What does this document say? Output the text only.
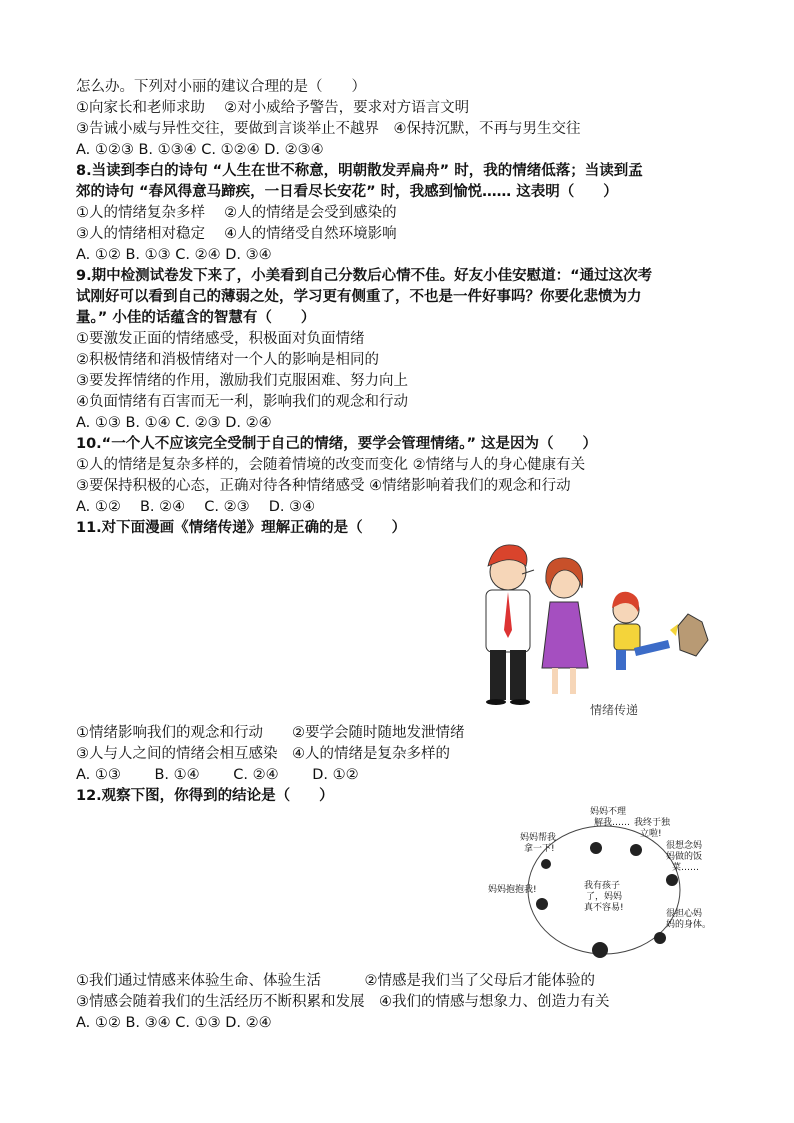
怎么办。下列对小丽的建议合理的是（　　）
①向家长和老师求助　 ②对小威给予警告，要求对方语言文明
③告诫小威与异性交往，要做到言谈举止不越界　④保持沉默，不再与男生交往
A. ①②③ B. ①③④ C. ①②④ D. ②③④
8.当读到李白的诗句 “人生在世不称意，明朝散发弄扁舟” 时，我的情绪低落；当读到孟
郊的诗句 “春风得意马蹄疾，一日看尽长安花” 时，我感到愉悦…… 这表明（　　）
①人的情绪复杂多样　 ②人的情绪是会受到感染的
③人的情绪相对稳定　 ④人的情绪受自然环境影响
A. ①② B. ①③ C. ②④ D. ③④
9.期中检测试卷发下来了，小美看到自己分数后心情不佳。好友小佳安慰道：“通过这次考
试刚好可以看到自己的薄弱之处，学习更有侧重了，不也是一件好事吗？你要化悲愤为力
量。” 小佳的话蕴含的智慧有（　　）
①要激发正面的情绪感受，积极面对负面情绪
②积极情绪和消极情绪对一个人的影响是相同的
③要发挥情绪的作用，激励我们克服困难、努力向上
④负面情绪有百害而无一利，影响我们的观念和行动
A. ①③ B. ①④ C. ②③ D. ②④
10.“一个人不应该完全受制于自己的情绪，要学会管理情绪。” 这是因为（　　）
①人的情绪是复杂多样的，会随着情境的改变而变化 ②情绪与人的身心健康有关
③要保持积极的心态，正确对待各种情绪感受 ④情绪影响着我们的观念和行动
A. ①②　 B. ②④　 C. ②③　 D. ③④
11.对下面漫画《情绪传递》理解正确的是（　　）
情绪传递
①情绪影响我们的观念和行动　　②要学会随时随地发泄情绪
③人与人之间的情绪会相互感染　④人的情绪是复杂多样的
A. ①③　　 B. ①④　　 C. ②④　　 D. ①②
12.观察下图，你得到的结论是（　　）
妈妈不理
解我…… 我终于独
立啦!
妈妈帮我
拿一下!	很想念妈
妈做的饭
菜……
妈妈抱抱我!	我有孩子
了，妈妈
真不容易!
很担心妈
妈的身体。
①我们通过情感来体验生命、体验生活　　　②情感是我们当了父母后才能体验的
③情感会随着我们的生活经历不断积累和发展　④我们的情感与想象力、创造力有关
A. ①② B. ③④ C. ①③ D. ②④
